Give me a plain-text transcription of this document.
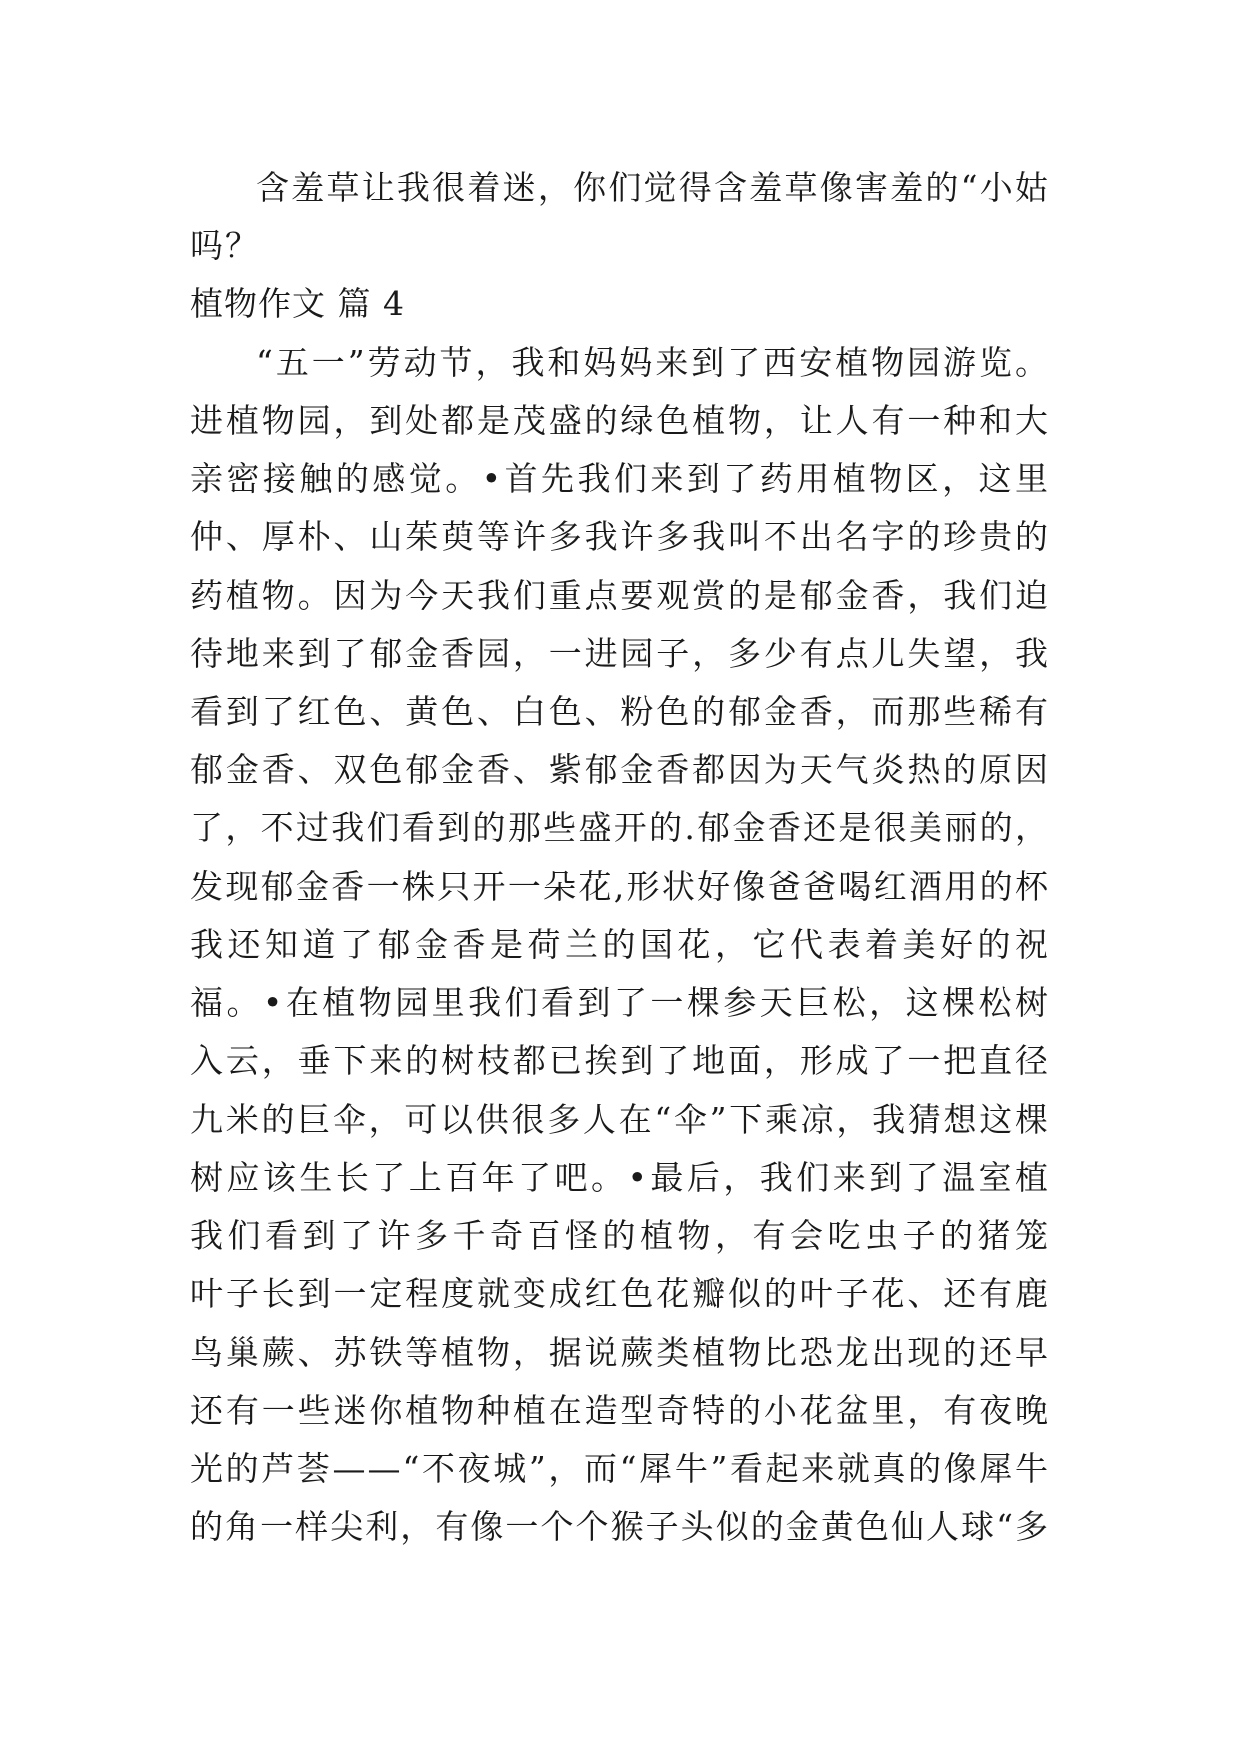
含羞草让我很着迷，你们觉得含羞草像害羞的“小姑

吗？

植物作文 篇 4

“五一”劳动节，我和妈妈来到了西安植物园游览。

进植物园，到处都是茂盛的绿色植物，让人有一种和大

亲密接触的感觉。•首先我们来到了药用植物区，这里

仲、厚朴、山茱萸等许多我许多我叫不出名字的珍贵的

药植物。因为今天我们重点要观赏的是郁金香，我们迫

待地来到了郁金香园，一进园子，多少有点儿失望，我

看到了红色、黄色、白色、粉色的郁金香，而那些稀有

郁金香、双色郁金香、紫郁金香都因为天气炎热的原因

了，不过我们看到的那些盛开的.郁金香还是很美丽的，

发现郁金香一株只开一朵花,形状好像爸爸喝红酒用的杯

我还知道了郁金香是荷兰的国花，它代表着美好的祝

福。•在植物园里我们看到了一棵参天巨松，这棵松树

入云，垂下来的树枝都已挨到了地面，形成了一把直径

九米的巨伞，可以供很多人在“伞”下乘凉，我猜想这棵

树应该生长了上百年了吧。•最后，我们来到了温室植

我们看到了许多千奇百怪的植物，有会吃虫子的猪笼

叶子长到一定程度就变成红色花瓣似的叶子花、还有鹿

鸟巢蕨、苏铁等植物，据说蕨类植物比恐龙出现的还早

还有一些迷你植物种植在造型奇特的小花盆里，有夜晚

光的芦荟——“不夜城”，而“犀牛”看起来就真的像犀牛

的角一样尖利，有像一个个猴子头似的金黄色仙人球“多
